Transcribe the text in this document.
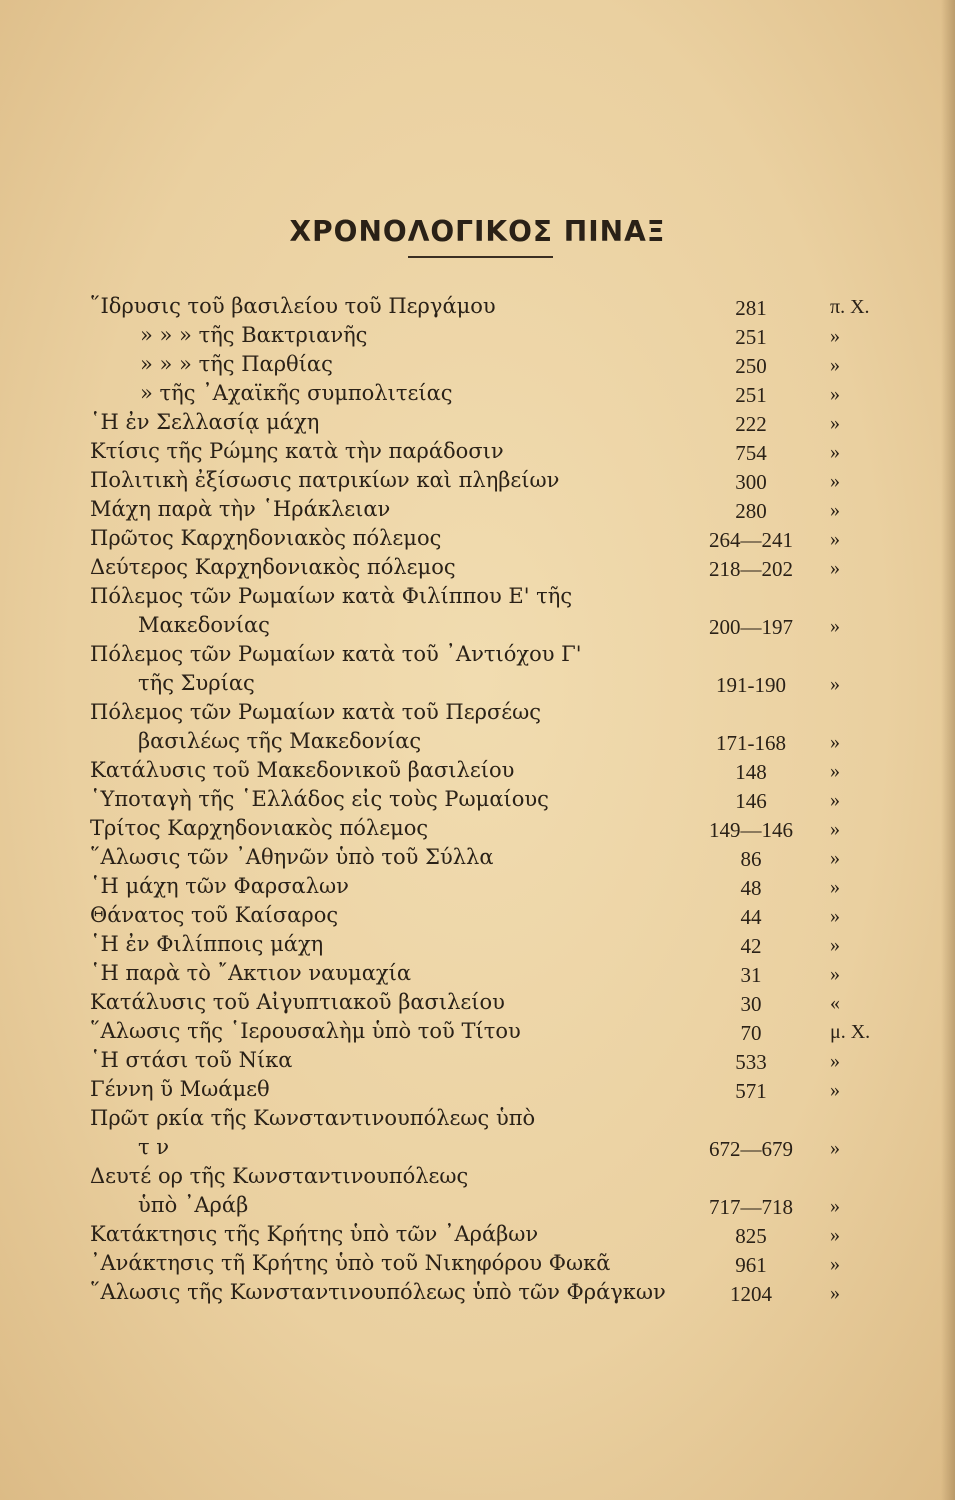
ΧΡΟΝΟΛΟΓΙΚΟΣ ΠΙΝΑΞ
῞Ιδρυσις τοῦ βασιλείου τοῦ Περγάμου	281	π. Χ.
» » » τῆς Βακτριανῆς	251	»
» » » τῆς Παρθίας	250	»
» τῆς ᾿Αχαϊκῆς συμπολιτείας	251	»
῾Η ἐν Σελλασίᾳ μάχη	222	»
Κτίσις τῆς Ρώμης κατὰ τὴν παράδοσιν	754	»
Πολιτικὴ ἐξίσωσις πατρικίων καὶ πληβείων	300	»
Μάχη παρὰ τὴν ῾Ηράκλειαν	280	»
Πρῶτος Καρχηδονιακὸς πόλεμος	264—241	»
Δεύτερος Καρχηδονιακὸς πόλεμος	218—202	»
Πόλεμος τῶν Ρωμαίων κατὰ Φιλίππου Ε' τῆς
Μακεδονίας	200—197	»
Πόλεμος τῶν Ρωμαίων κατὰ τοῦ ᾿Αντιόχου Γ'
τῆς Συρίας	191-190	»
Πόλεμος τῶν Ρωμαίων κατὰ τοῦ Περσέως
βασιλέως τῆς Μακεδονίας	171-168	»
Κατάλυσις τοῦ Μακεδονικοῦ βασιλείου	148	»
῾Υποταγὴ τῆς ῾Ελλάδος εἰς τοὺς Ρωμαίους	146	»
Τρίτος Καρχηδονιακὸς πόλεμος	149—146	»
῞Αλωσις τῶν ᾿Αθηνῶν ὑπὸ τοῦ Σύλλα	86	»
῾Η μάχη τῶν Φαρσαλων	48	»
Θάνατος τοῦ Καίσαρος	44	»
῾Η ἐν Φιλίπποις μάχη	42	»
῾Η παρὰ τὸ ῎Ακτιον ναυμαχία	31	»
Κατάλυσις τοῦ Αἰγυπτιακοῦ βασιλείου	30	«
῞Αλωσις τῆς ῾Ιερουσαλὴμ ὑπὸ τοῦ Τίτου	70	μ. Χ.
῾Η στάσι τοῦ Νίκα	533	»
Γέννη ῦ Μωάμεθ	571	»
Πρῶτ ρκία τῆς Κωνσταντινουπόλεως ὑπὸ
τ ν	672—679	»
Δευτέ ορ τῆς Κωνσταντινουπόλεως
ὑπὸ ᾿Αράβ	717—718	»
Κατάκτησις τῆς Κρήτης ὑπὸ τῶν ᾿Αράβων	825	»
᾿Ανάκτησις τῆ Κρήτης ὑπὸ τοῦ Νικηφόρου Φωκᾶ	961	»
῞Αλωσις τῆς Κωνσταντινουπόλεως ὑπὸ τῶν Φράγκων	1204	»
